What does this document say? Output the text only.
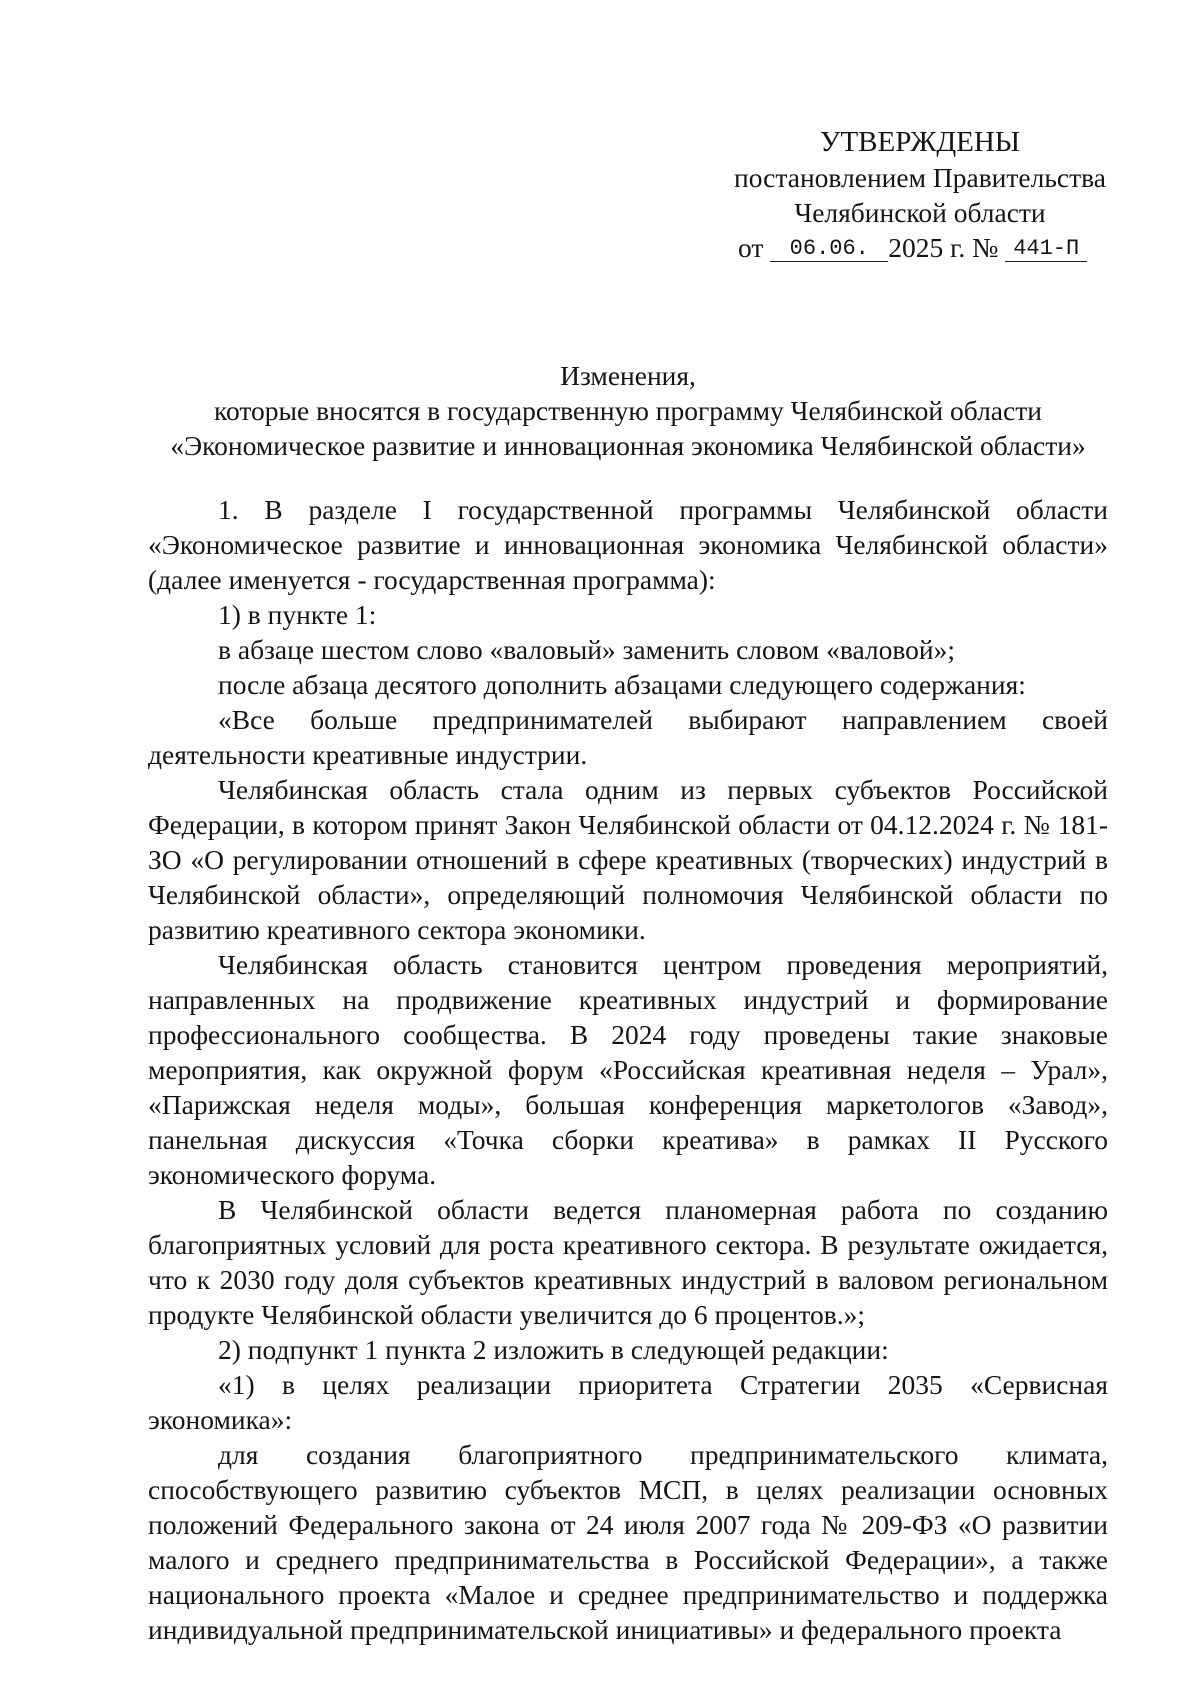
УТВЕРЖДЕНЫ
постановлением Правительства
Челябинской области
от 06.06. 2025 г. № 441-П
Изменения,
которые вносятся в государственную программу Челябинской области
«Экономическое развитие и инновационная экономика Челябинской области»

1. В разделе I государственной программы Челябинской области «Экономическое развитие и инновационная экономика Челябинской области» (далее именуется - государственная программа):

1) в пункте 1:

в абзаце шестом слово «валовый» заменить словом «валовой»;

после абзаца десятого дополнить абзацами следующего содержания:

«Все больше предпринимателей выбирают направлением своей деятельности креативные индустрии.

Челябинская область стала одним из первых субъектов Российской Федерации, в котором принят Закон Челябинской области от 04.12.2024 г. № 181-ЗО «О регулировании отношений в сфере креативных (творческих) индустрий в Челябинской области», определяющий полномочия Челябинской области по развитию креативного сектора экономики.

Челябинская область становится центром проведения мероприятий, направленных на продвижение креативных индустрий и формирование профессионального сообщества. В 2024 году проведены такие знаковые мероприятия, как окружной форум «Российская креативная неделя – Урал», «Парижская неделя моды», большая конференция маркетологов «Завод», панельная дискуссия «Точка сборки креатива» в рамках II Русского экономического форума.

В Челябинской области ведется планомерная работа по созданию благоприятных условий для роста креативного сектора. В результате ожидается, что к 2030 году доля субъектов креативных индустрий в валовом региональном продукте Челябинской области увеличится до 6 процентов.»;

2) подпункт 1 пункта 2 изложить в следующей редакции:

«1) в целях реализации приоритета Стратегии 2035 «Сервисная экономика»:

для создания благоприятного предпринимательского климата, способствующего развитию субъектов МСП, в целях реализации основных положений Федерального закона от 24 июля 2007 года № 209-ФЗ «О развитии малого и среднего предпринимательства в Российской Федерации», а также национального проекта «Малое и среднее предпринимательство и поддержка индивидуальной предпринимательской инициативы» и федерального проекта
